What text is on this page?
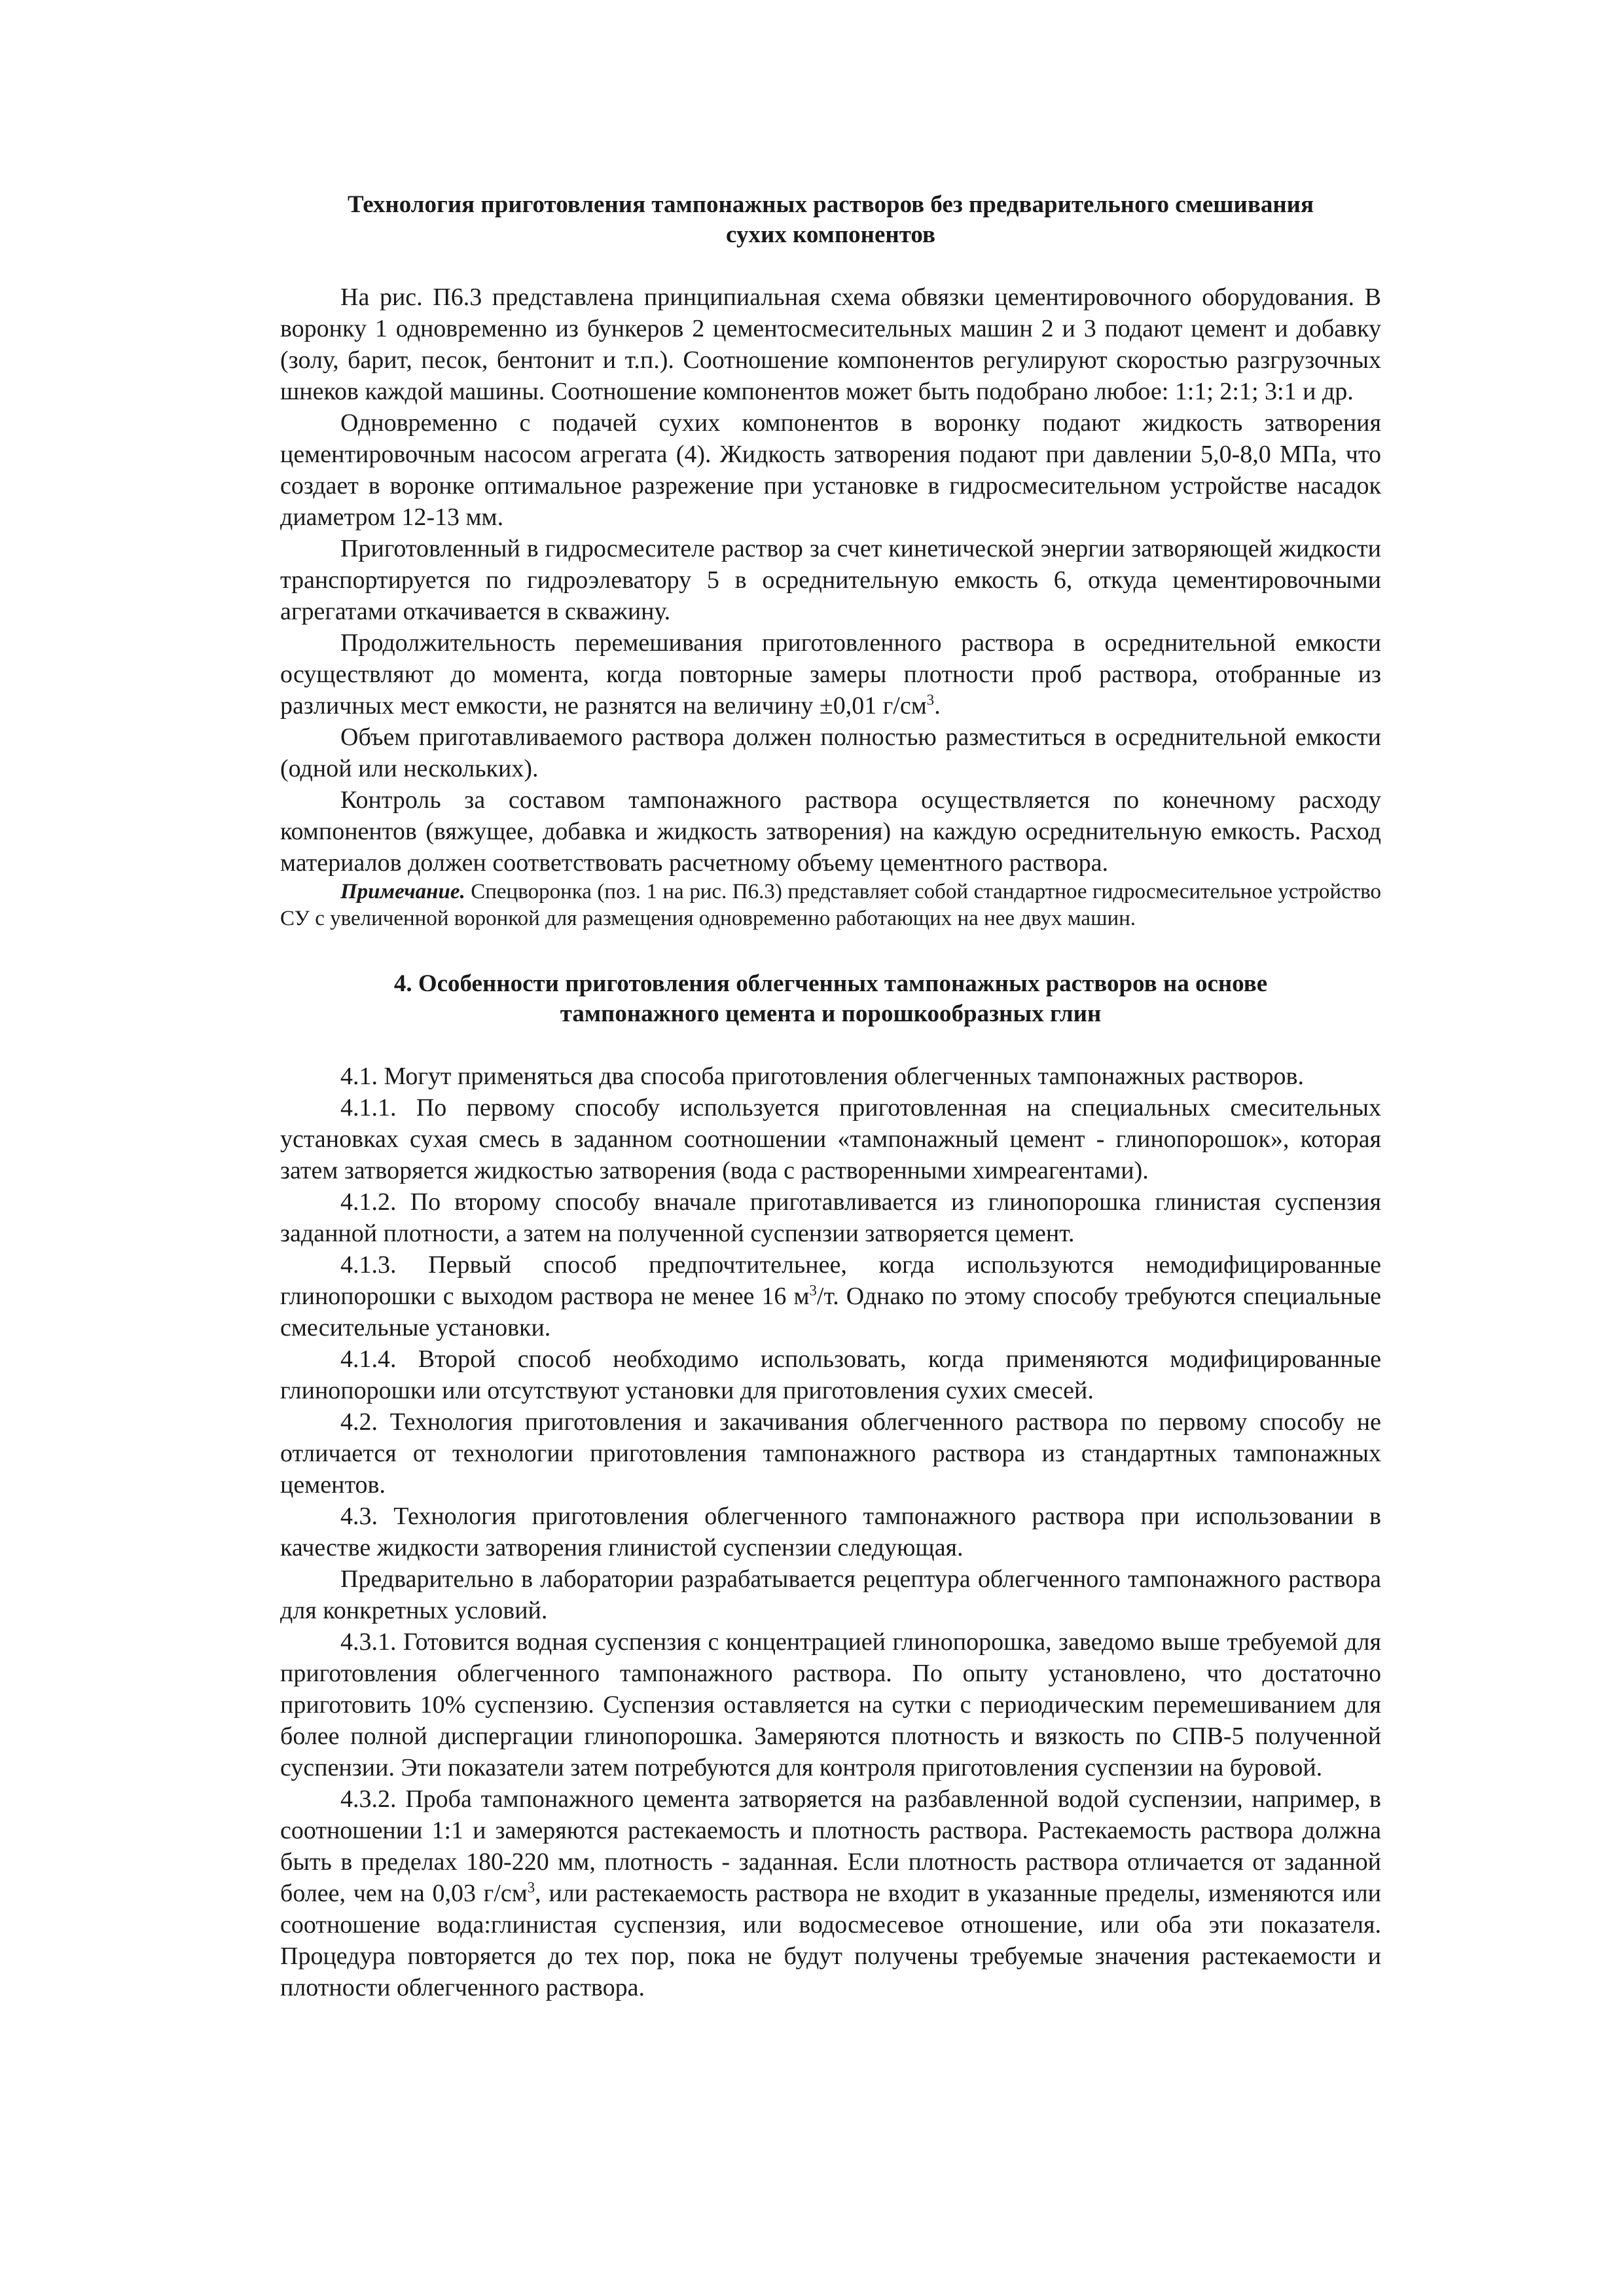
Технология приготовления тампонажных растворов без предварительного смешивания
сухих компонентов

На рис. П6.3 представлена принципиальная схема обвязки цементировочного оборудования. В воронку 1 одновременно из бункеров 2 цементосмесительных машин 2 и 3 подают цемент и добавку (золу, барит, песок, бентонит и т.п.). Соотношение компонентов регулируют скоростью разгрузочных шнеков каждой машины. Соотношение компонентов может быть подобрано любое: 1:1; 2:1; 3:1 и др.

Одновременно с подачей сухих компонентов в воронку подают жидкость затворения цементировочным насосом агрегата (4). Жидкость затворения подают при давлении 5,0-8,0 МПа, что создает в воронке оптимальное разрежение при установке в гидросмесительном устройстве насадок диаметром 12-13 мм.

Приготовленный в гидросмесителе раствор за счет кинетической энергии затворяющей жидкости транспортируется по гидроэлеватору 5 в осреднительную емкость 6, откуда цементировочными агрегатами откачивается в скважину.

Продолжительность перемешивания приготовленного раствора в осреднительной емкости осуществляют до момента, когда повторные замеры плотности проб раствора, отобранные из различных мест емкости, не разнятся на величину ±0,01 $г/см^3$.

Объем приготавливаемого раствора должен полностью разместиться в осреднительной емкости (одной или нескольких).

Контроль за составом тампонажного раствора осуществляется по конечному расходу компонентов (вяжущее, добавка и жидкость затворения) на каждую осреднительную емкость. Расход материалов должен соответствовать расчетному объему цементного раствора.

Примечание. Спецворонка (поз. 1 на рис. П6.3) представляет собой стандартное гидросмесительное устройство СУ с увеличенной воронкой для размещения одновременно работающих на нее двух машин.

4. Особенности приготовления облегченных тампонажных растворов на основе
тампонажного цемента и порошкообразных глин

4.1. Могут применяться два способа приготовления облегченных тампонажных растворов.

4.1.1. По первому способу используется приготовленная на специальных смесительных установках сухая смесь в заданном соотношении «тампонажный цемент - глинопорошок», которая затем затворяется жидкостью затворения (вода с растворенными химреагентами).

4.1.2. По второму способу вначале приготавливается из глинопорошка глинистая суспензия заданной плотности, а затем на полученной суспензии затворяется цемент.

4.1.3. Первый способ предпочтительнее, когда используются немодифицированные глинопорошки с выходом раствора не менее 16 $м^3/т$. Однако по этому способу требуются специальные смесительные установки.

4.1.4. Второй способ необходимо использовать, когда применяются модифицированные глинопорошки или отсутствуют установки для приготовления сухих смесей.

4.2. Технология приготовления и закачивания облегченного раствора по первому способу не отличается от технологии приготовления тампонажного раствора из стандартных тампонажных цементов.

4.3. Технология приготовления облегченного тампонажного раствора при использовании в качестве жидкости затворения глинистой суспензии следующая.

Предварительно в лаборатории разрабатывается рецептура облегченного тампонажного раствора для конкретных условий.

4.3.1. Готовится водная суспензия с концентрацией глинопорошка, заведомо выше требуемой для приготовления облегченного тампонажного раствора. По опыту установлено, что достаточно приготовить 10% суспензию. Суспензия оставляется на сутки с периодическим перемешиванием для более полной диспергации глинопорошка. Замеряются плотность и вязкость по СПВ-5 полученной суспензии. Эти показатели затем потребуются для контроля приготовления суспензии на буровой.

4.3.2. Проба тампонажного цемента затворяется на разбавленной водой суспензии, например, в соотношении 1:1 и замеряются растекаемость и плотность раствора. Растекаемость раствора должна быть в пределах 180-220 мм, плотность - заданная. Если плотность раствора отличается от заданной более, чем на 0,03 $г/см^3$, или растекаемость раствора не входит в указанные пределы, изменяются или соотношение вода:глинистая суспензия, или водосмесевое отношение, или оба эти показателя. Процедура повторяется до тех пор, пока не будут получены требуемые значения растекаемости и плотности облегченного раствора.
